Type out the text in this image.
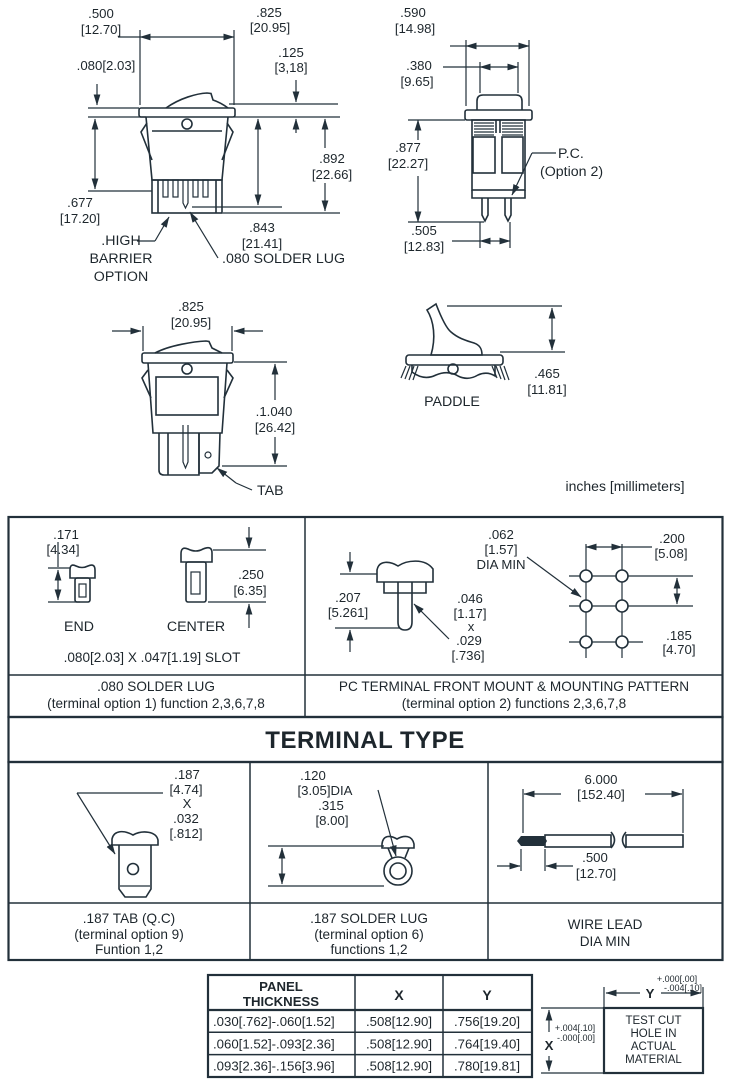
.500
[12.70]
.080[2.03]
.825
[20.95]
.125
[3,18]
.892
[22.66]
.677
[17.20]
.843
[21.41]
.HIGH
BARRIER
OPTION
.080 SOLDER LUG
.590
[14.98]
.380
[9.65]
.877
[22.27]
.505
[12.83]
P.C.
(Option 2)
.825
[20.95]
.1.040
[26.42]
TAB
PADDLE
.465
[11.81]
inches [millimeters]
.171
[4.34]
.250
[6.35]
END	CENTER
.080[2.03] X .047[1.19] SLOT
.080 SOLDER LUG
(terminal option 1) function 2,3,6,7,8
.207
[5.261]
.062
[1.57]
DIA MIN
.046
[1.17]
x
.029
[.736]
.200
[5.08]
.185
[4.70]
PC TERMINAL FRONT MOUNT & MOUNTING PATTERN
(terminal option 2) functions 2,3,6,7,8
TERMINAL TYPE
.187
[4.74]
X
.032
[.812]
.187 TAB (Q.C)
(terminal option 9)
Funtion 1,2
.120
[3.05]DIA
.315
[8.00]
.187 SOLDER LUG
(terminal option 6)
functions 1,2
6.000
[152.40]
.500
[12.70]
WIRE LEAD
DIA MIN
PANEL
THICKNESS	X	Y
.030[.762]-.060[1.52] .508[12.90] .756[19.20]
.060[1.52]-.093[2.36] .508[12.90] .764[19.40]
.093[2.36]-.156[3.96] .508[12.90] .780[19.81]
Y
+.000[.00]
-.004[.10]
X
+.004[.10]
-.000[.00]
TEST CUT
HOLE IN
ACTUAL
MATERIAL
